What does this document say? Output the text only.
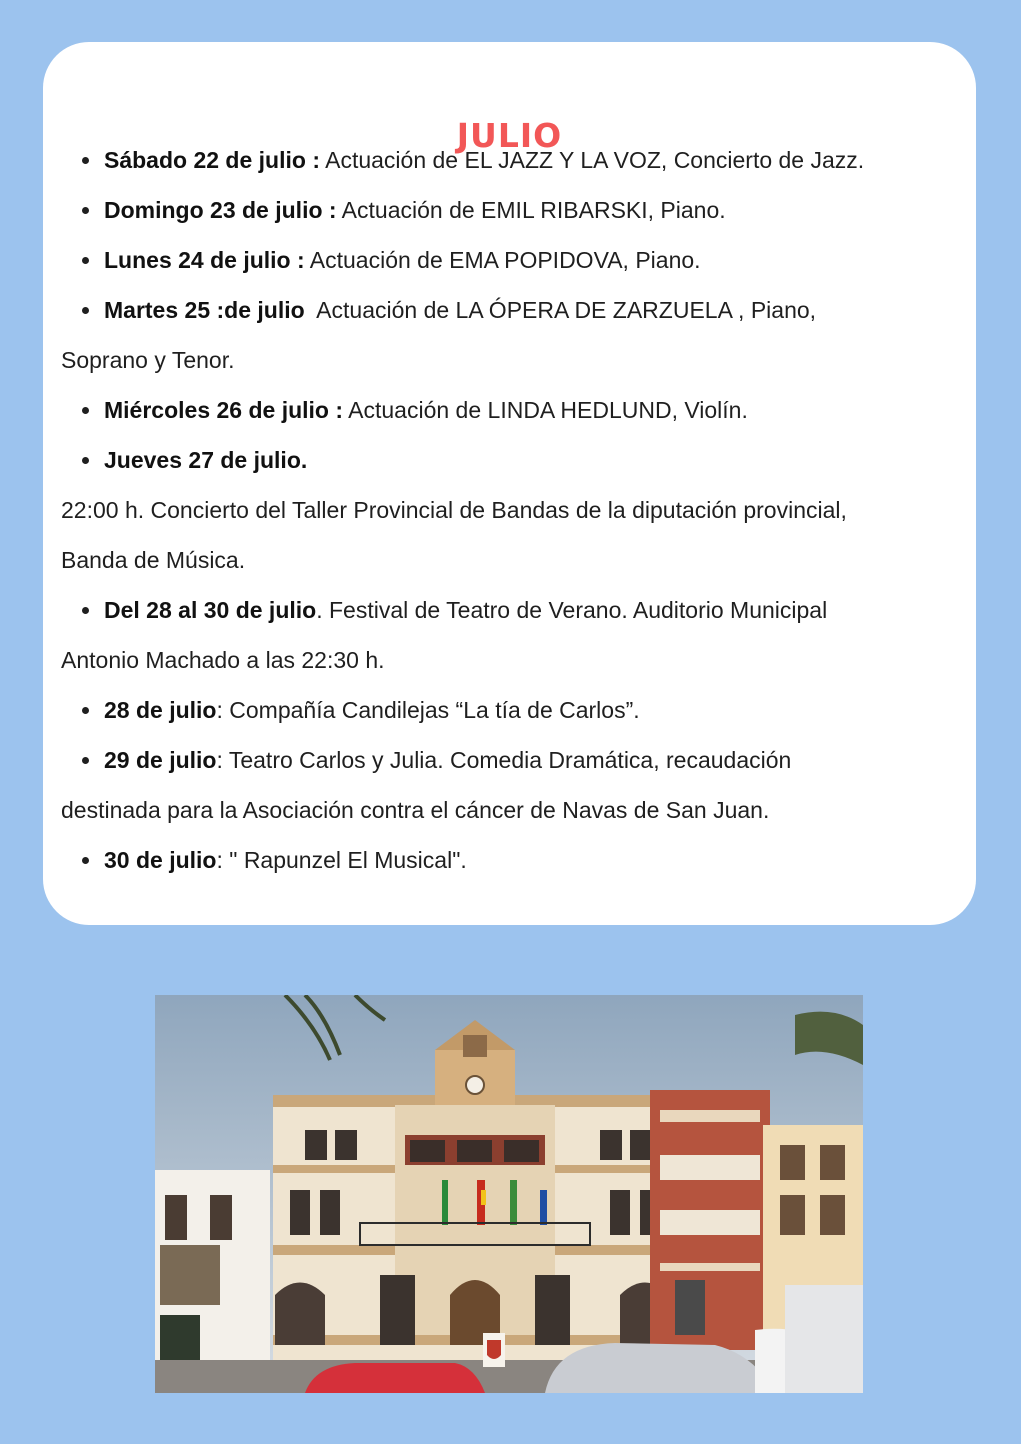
JULIO
Sábado 22 de julio : Actuación de EL JAZZ Y LA VOZ, Concierto de Jazz.
Domingo 23 de julio : Actuación de EMIL RIBARSKI, Piano.
Lunes 24 de julio : Actuación de EMA POPIDOVA, Piano.
Martes 25 :de julio Actuación de LA ÓPERA DE ZARZUELA , Piano,
Soprano y Tenor.
Miércoles 26 de julio : Actuación de LINDA HEDLUND, Violín.
Jueves 27 de julio.
22:00 h. Concierto del Taller Provincial de Bandas de la diputación provincial,
Banda de Música.
Del 28 al 30 de julio . Festival de Teatro de Verano. Auditorio Municipal
Antonio Machado a las 22:30 h.
28 de julio : Compañía Candilejas “La tía de Carlos”.
29 de julio : Teatro Carlos y Julia. Comedia Dramática, recaudación
destinada para la Asociación contra el cáncer de Navas de San Juan.
30 de julio : " Rapunzel El Musical".
